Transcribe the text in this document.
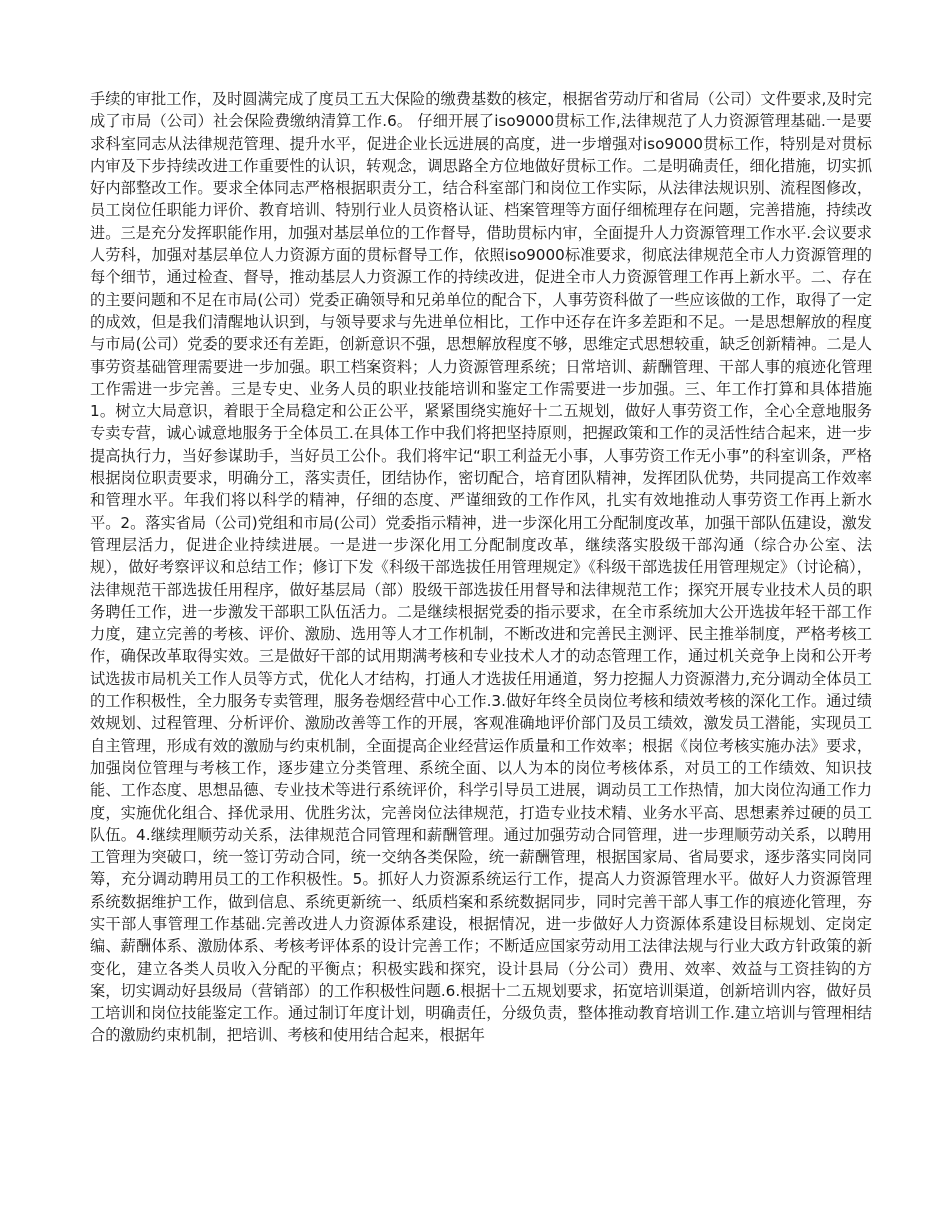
手续的审批工作，及时圆满完成了度员工五大保险的缴费基数的核定，根据省劳动厅和省局（公司）文件要求,及时完成了市局（公司）社会保险费缴纳清算工作.6。 仔细开展了iso9000贯标工作,法律规范了人力资源管理基础.一是要求科室同志从法律规范管理、提升水平，促进企业长远进展的高度，进一步增强对iso9000贯标工作，特别是对贯标内审及下步持续改进工作重要性的认识，转观念，调思路全方位地做好贯标工作。二是明确责任，细化措施，切实抓好内部整改工作。要求全体同志严格根据职责分工，结合科室部门和岗位工作实际，从法律法规识别、流程图修改，员工岗位任职能力评价、教育培训、特别行业人员资格认证、档案管理等方面仔细梳理存在问题，完善措施，持续改进。三是充分发挥职能作用，加强对基层单位的工作督导，借助贯标内审，全面提升人力资源管理工作水平.会议要求人劳科，加强对基层单位人力资源方面的贯标督导工作，依照iso9000标准要求，彻底法律规范全市人力资源管理的每个细节，通过检查、督导，推动基层人力资源工作的持续改进，促进全市人力资源管理工作再上新水平。二、存在的主要问题和不足在市局(公司）党委正确领导和兄弟单位的配合下，人事劳资科做了一些应该做的工作，取得了一定的成效，但是我们清醒地认识到，与领导要求与先进单位相比，工作中还存在许多差距和不足。一是思想解放的程度与市局(公司）党委的要求还有差距，创新意识不强，思想解放程度不够，思维定式思想较重，缺乏创新精神。二是人事劳资基础管理需要进一步加强。职工档案资料；人力资源管理系统；日常培训、薪酬管理、干部人事的痕迹化管理工作需进一步完善。三是专史、业务人员的职业技能培训和鉴定工作需要进一步加强。三、年工作打算和具体措施1。树立大局意识，着眼于全局稳定和公正公平，紧紧围绕实施好十二五规划，做好人事劳资工作，全心全意地服务专卖专营，诚心诚意地服务于全体员工.在具体工作中我们将把坚持原则，把握政策和工作的灵活性结合起来，进一步提高执行力，当好参谋助手，当好员工公仆。我们将牢记“职工利益无小事，人事劳资工作无小事”的科室训条，严格根据岗位职责要求，明确分工，落实责任，团结协作，密切配合，培育团队精神，发挥团队优势，共同提高工作效率和管理水平。年我们将以科学的精神，仔细的态度、严谨细致的工作作风，扎实有效地推动人事劳资工作再上新水平。2。落实省局（公司)党组和市局(公司）党委指示精神，进一步深化用工分配制度改革，加强干部队伍建设，激发管理层活力，促进企业持续进展。一是进一步深化用工分配制度改革，继续落实股级干部沟通（综合办公室、法规），做好考察评议和总结工作；修订下发《科级干部选拔任用管理规定》《科级干部选拔任用管理规定》（讨论稿），法律规范干部选拔任用程序，做好基层局（部）股级干部选拔任用督导和法律规范工作；探究开展专业技术人员的职务聘任工作，进一步激发干部职工队伍活力。二是继续根据党委的指示要求，在全市系统加大公开选拔年轻干部工作力度，建立完善的考核、评价、激励、选用等人才工作机制，不断改进和完善民主测评、民主推举制度，严格考核工作，确保改革取得实效。三是做好干部的试用期满考核和专业技术人才的动态管理工作，通过机关竞争上岗和公开考试选拔市局机关工作人员等方式，优化人才结构，打通人才选拔任用通道，努力挖掘人力资源潜力,充分调动全体员工的工作积极性，全力服务专卖管理，服务卷烟经营中心工作.3.做好年终全员岗位考核和绩效考核的深化工作。通过绩效规划、过程管理、分析评价、激励改善等工作的开展，客观准确地评价部门及员工绩效，激发员工潜能，实现员工自主管理，形成有效的激励与约束机制，全面提高企业经营运作质量和工作效率；根据《岗位考核实施办法》要求，加强岗位管理与考核工作，逐步建立分类管理、系统全面、以人为本的岗位考核体系，对员工的工作绩效、知识技能、工作态度、思想品德、专业技术等进行系统评价，科学引导员工进展，调动员工工作热情，加大岗位沟通工作力度，实施优化组合、择优录用、优胜劣汰，完善岗位法律规范，打造专业技术精、业务水平高、思想素养过硬的员工队伍。4.继续理顺劳动关系，法律规范合同管理和薪酬管理。通过加强劳动合同管理，进一步理顺劳动关系，以聘用工管理为突破口，统一签订劳动合同，统一交纳各类保险，统一薪酬管理，根据国家局、省局要求，逐步落实同岗同筹，充分调动聘用员工的工作积极性。5。抓好人力资源系统运行工作，提高人力资源管理水平。做好人力资源管理系统数据维护工作，做到信息、系统更新统一、纸质档案和系统数据同步，同时完善干部人事工作的痕迹化管理，夯实干部人事管理工作基础.完善改进人力资源体系建设，根据情况，进一步做好人力资源体系建设目标规划、定岗定编、薪酬体系、激励体系、考核考评体系的设计完善工作；不断适应国家劳动用工法律法规与行业大政方针政策的新变化，建立各类人员收入分配的平衡点；积极实践和探究，设计县局（分公司）费用、效率、效益与工资挂钩的方案，切实调动好县级局（营销部）的工作积极性问题.6.根据十二五规划要求，拓宽培训渠道，创新培训内容，做好员工培训和岗位技能鉴定工作。通过制订年度计划，明确责任，分级负责，整体推动教育培训工作.建立培训与管理相结合的激励约束机制，把培训、考核和使用结合起来，根据年
